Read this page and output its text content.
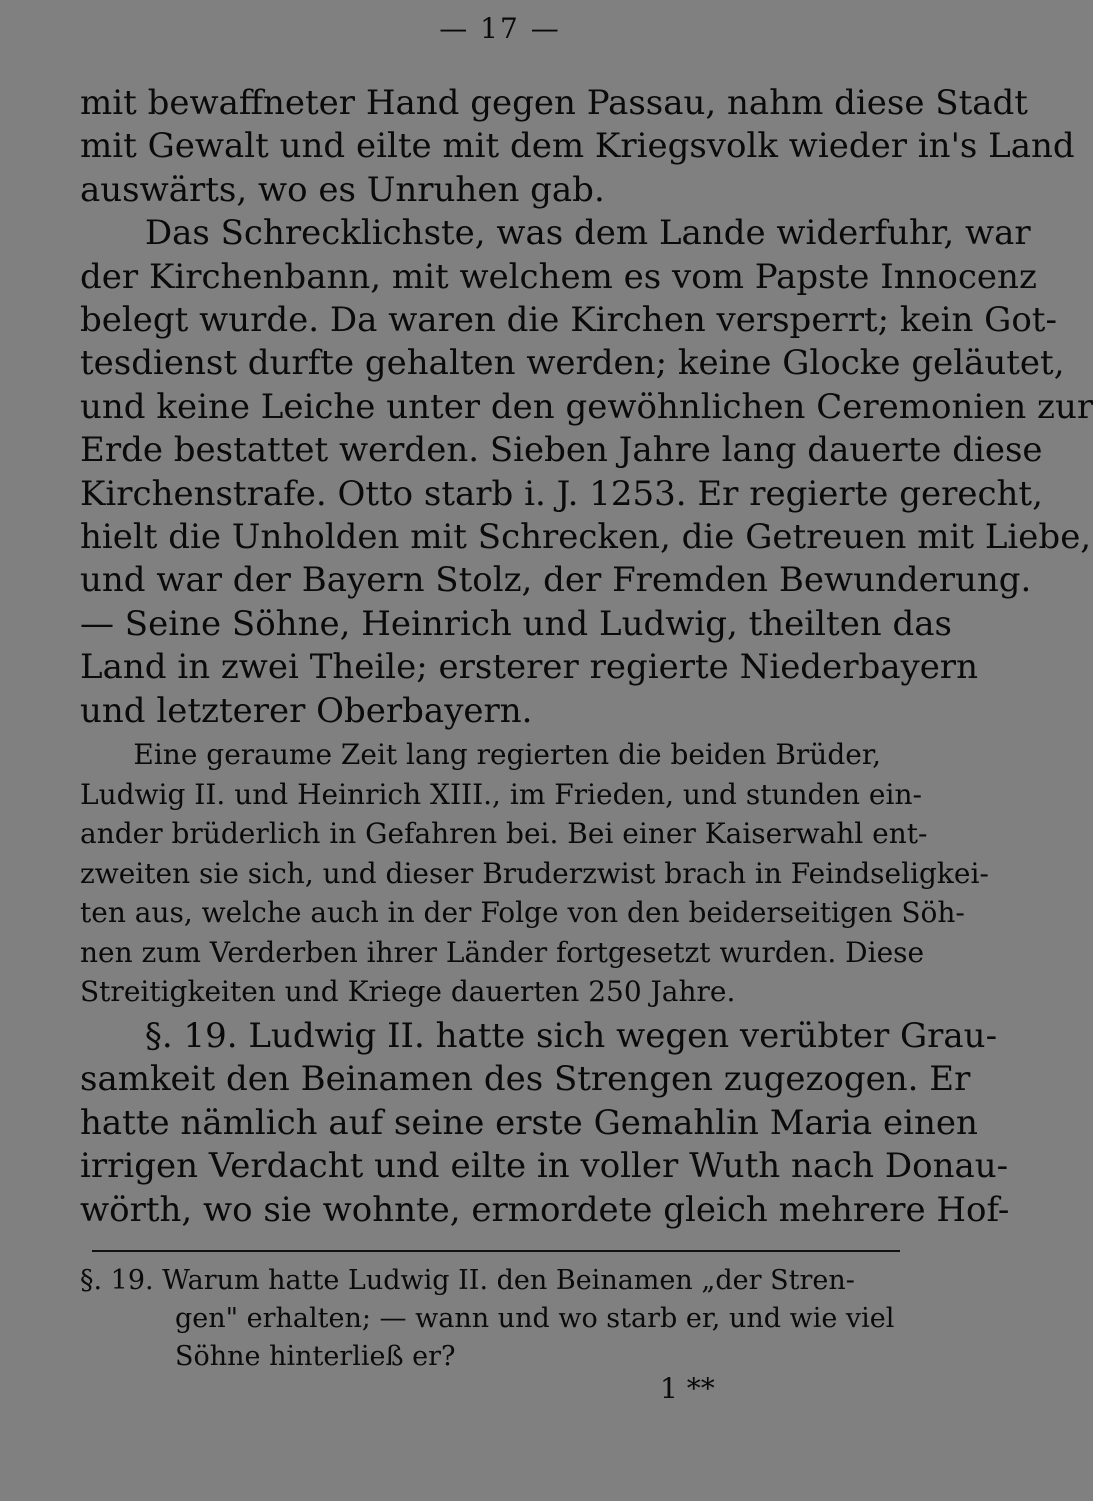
— 17 —
mit bewaffneter Hand gegen Passau, nahm diese Stadt
mit Gewalt und eilte mit dem Kriegsvolk wieder in's Land
auswärts, wo es Unruhen gab.
Das Schrecklichste, was dem Lande widerfuhr, war
der Kirchenbann, mit welchem es vom Papste Innocenz
belegt wurde. Da waren die Kirchen versperrt; kein Got-
tesdienst durfte gehalten werden; keine Glocke geläutet,
und keine Leiche unter den gewöhnlichen Ceremonien zur
Erde bestattet werden. Sieben Jahre lang dauerte diese
Kirchenstrafe. Otto starb i. J. 1253. Er regierte gerecht,
hielt die Unholden mit Schrecken, die Getreuen mit Liebe,
und war der Bayern Stolz, der Fremden Bewunderung.
— Seine Söhne, Heinrich und Ludwig, theilten das
Land in zwei Theile; ersterer regierte Niederbayern
und letzterer Oberbayern.
Eine geraume Zeit lang regierten die beiden Brüder,
Ludwig II. und Heinrich XIII., im Frieden, und stunden ein-
ander brüderlich in Gefahren bei. Bei einer Kaiserwahl ent-
zweiten sie sich, und dieser Bruderzwist brach in Feindseligkei-
ten aus, welche auch in der Folge von den beiderseitigen Söh-
nen zum Verderben ihrer Länder fortgesetzt wurden. Diese
Streitigkeiten und Kriege dauerten 250 Jahre.
§. 19. Ludwig II. hatte sich wegen verübter Grau-
samkeit den Beinamen des Strengen zugezogen. Er
hatte nämlich auf seine erste Gemahlin Maria einen
irrigen Verdacht und eilte in voller Wuth nach Donau-
wörth, wo sie wohnte, ermordete gleich mehrere Hof-
§. 19. Warum hatte Ludwig II. den Beinamen „der Stren-
gen" erhalten; — wann und wo starb er, und wie viel
Söhne hinterließ er?
1 **
